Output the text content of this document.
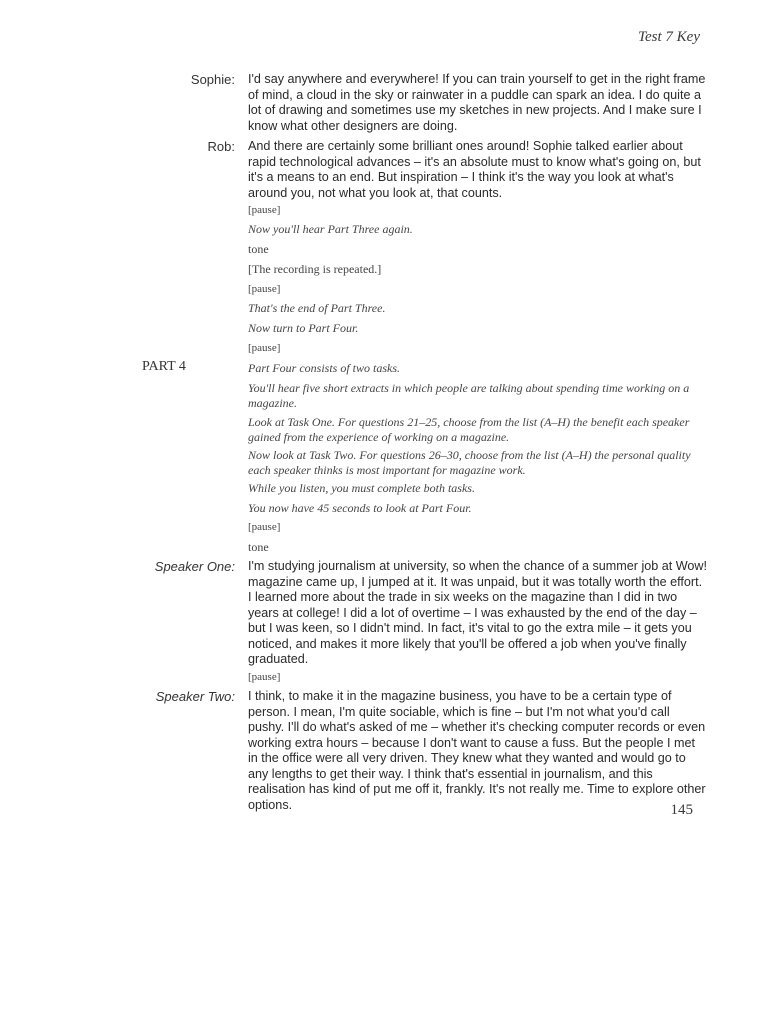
Test 7 Key
Sophie: I'd say anywhere and everywhere! If you can train yourself to get in the right frame of mind, a cloud in the sky or rainwater in a puddle can spark an idea. I do quite a lot of drawing and sometimes use my sketches in new projects. And I make sure I know what other designers are doing.

Rob: And there are certainly some brilliant ones around! Sophie talked earlier about rapid technological advances – it's an absolute must to know what's going on, but it's a means to an end. But inspiration – I think it's the way you look at what's around you, not what you look at, that counts.

[pause]
Now you'll hear Part Three again.
tone
[The recording is repeated.]
[pause]
That's the end of Part Three.
Now turn to Part Four.
[pause]
PART 4	Part Four consists of two tasks.
You'll hear five short extracts in which people are talking about spending time working on a magazine.
Look at Task One. For questions 21–25, choose from the list (A–H) the benefit each speaker gained from the experience of working on a magazine.
Now look at Task Two. For questions 26–30, choose from the list (A–H) the personal quality each speaker thinks is most important for magazine work.
While you listen, you must complete both tasks.
You now have 45 seconds to look at Part Four.
[pause]
tone
Speaker One: I'm studying journalism at university, so when the chance of a summer job at Wow! magazine came up, I jumped at it. It was unpaid, but it was totally worth the effort. I learned more about the trade in six weeks on the magazine than I did in two years at college! I did a lot of overtime – I was exhausted by the end of the day – but I was keen, so I didn't mind. In fact, it's vital to go the extra mile – it gets you noticed, and makes it more likely that you'll be offered a job when you've finally graduated.

[pause]
Speaker Two: I think, to make it in the magazine business, you have to be a certain type of person. I mean, I'm quite sociable, which is fine – but I'm not what you'd call pushy. I'll do what's asked of me – whether it's checking computer records or even working extra hours – because I don't want to cause a fuss. But the people I met in the office were all very driven. They knew what they wanted and would go to any lengths to get their way. I think that's essential in journalism, and this realisation has kind of put me off it, frankly. It's not really me. Time to explore other options.	145
